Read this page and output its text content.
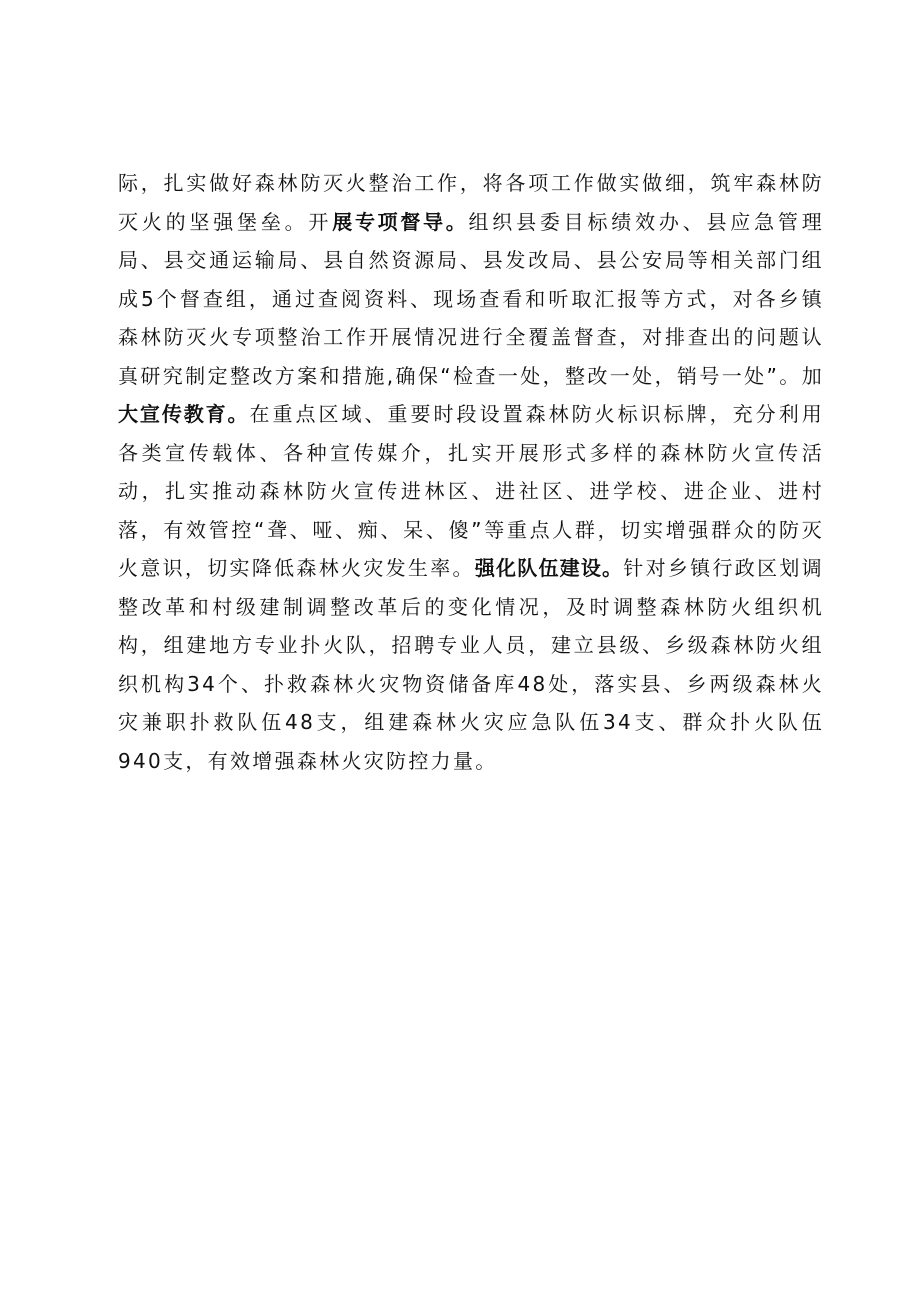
际，扎实做好森林防灭火整治工作，将各项工作做实做细，筑牢森林防灭火的坚强堡垒。开展专项督导。组织县委目标绩效办、县应急管理局、县交通运输局、县自然资源局、县发改局、县公安局等相关部门组成5个督查组，通过查阅资料、现场查看和听取汇报等方式，对各乡镇森林防灭火专项整治工作开展情况进行全覆盖督查，对排查出的问题认真研究制定整改方案和措施,确保“检查一处，整改一处，销号一处”。加大宣传教育。在重点区域、重要时段设置森林防火标识标牌，充分利用各类宣传载体、各种宣传媒介，扎实开展形式多样的森林防火宣传活动，扎实推动森林防火宣传进林区、进社区、进学校、进企业、进村落，有效管控“聋、哑、痴、呆、傻”等重点人群，切实增强群众的防灭火意识，切实降低森林火灾发生率。强化队伍建设。针对乡镇行政区划调整改革和村级建制调整改革后的变化情况，及时调整森林防火组织机构，组建地方专业扑火队，招聘专业人员，建立县级、乡级森林防火组织机构34个、扑救森林火灾物资储备库48处，落实县、乡两级森林火灾兼职扑救队伍48支，组建森林火灾应急队伍34支、群众扑火队伍940支，有效增强森林火灾防控力量。
